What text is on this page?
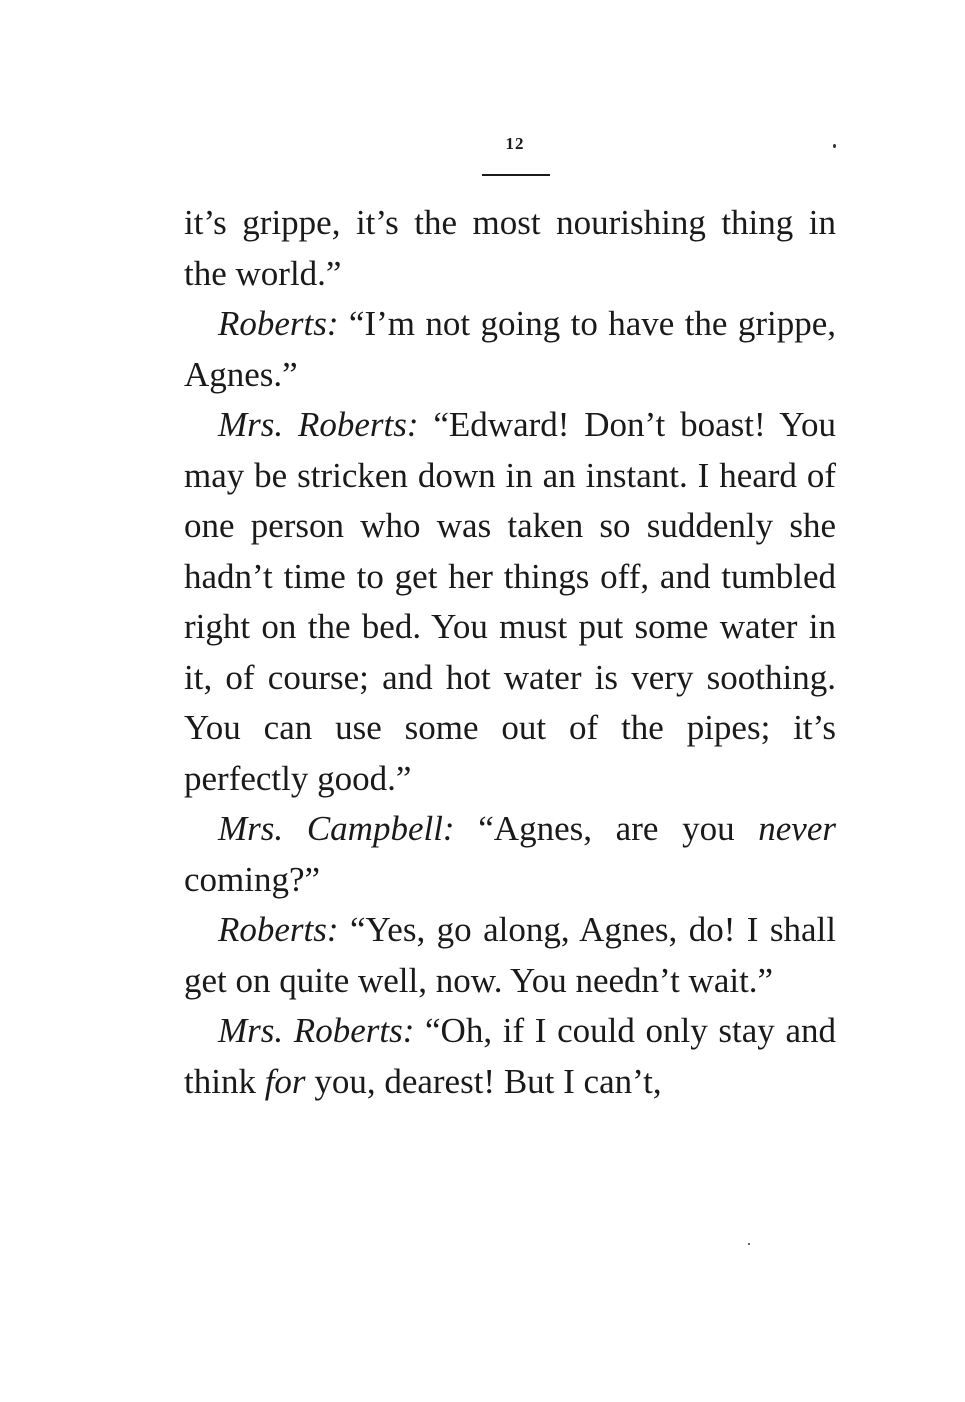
12

it’s grippe, it’s the most nourishing thing in the world.”

Roberts: “I’m not going to have the grippe, Agnes.”

Mrs. Roberts: “Edward! Don’t boast! You may be stricken down in an instant. I heard of one person who was taken so suddenly she hadn’t time to get her things off, and tumbled right on the bed. You must put some water in it, of course; and hot water is very soothing. You can use some out of the pipes; it’s perfectly good.”

Mrs. Campbell: “Agnes, are you never coming?”

Roberts: “Yes, go along, Agnes, do! I shall get on quite well, now. You needn’t wait.”

Mrs. Roberts: “Oh, if I could only stay and think for you, dearest! But I can’t,
